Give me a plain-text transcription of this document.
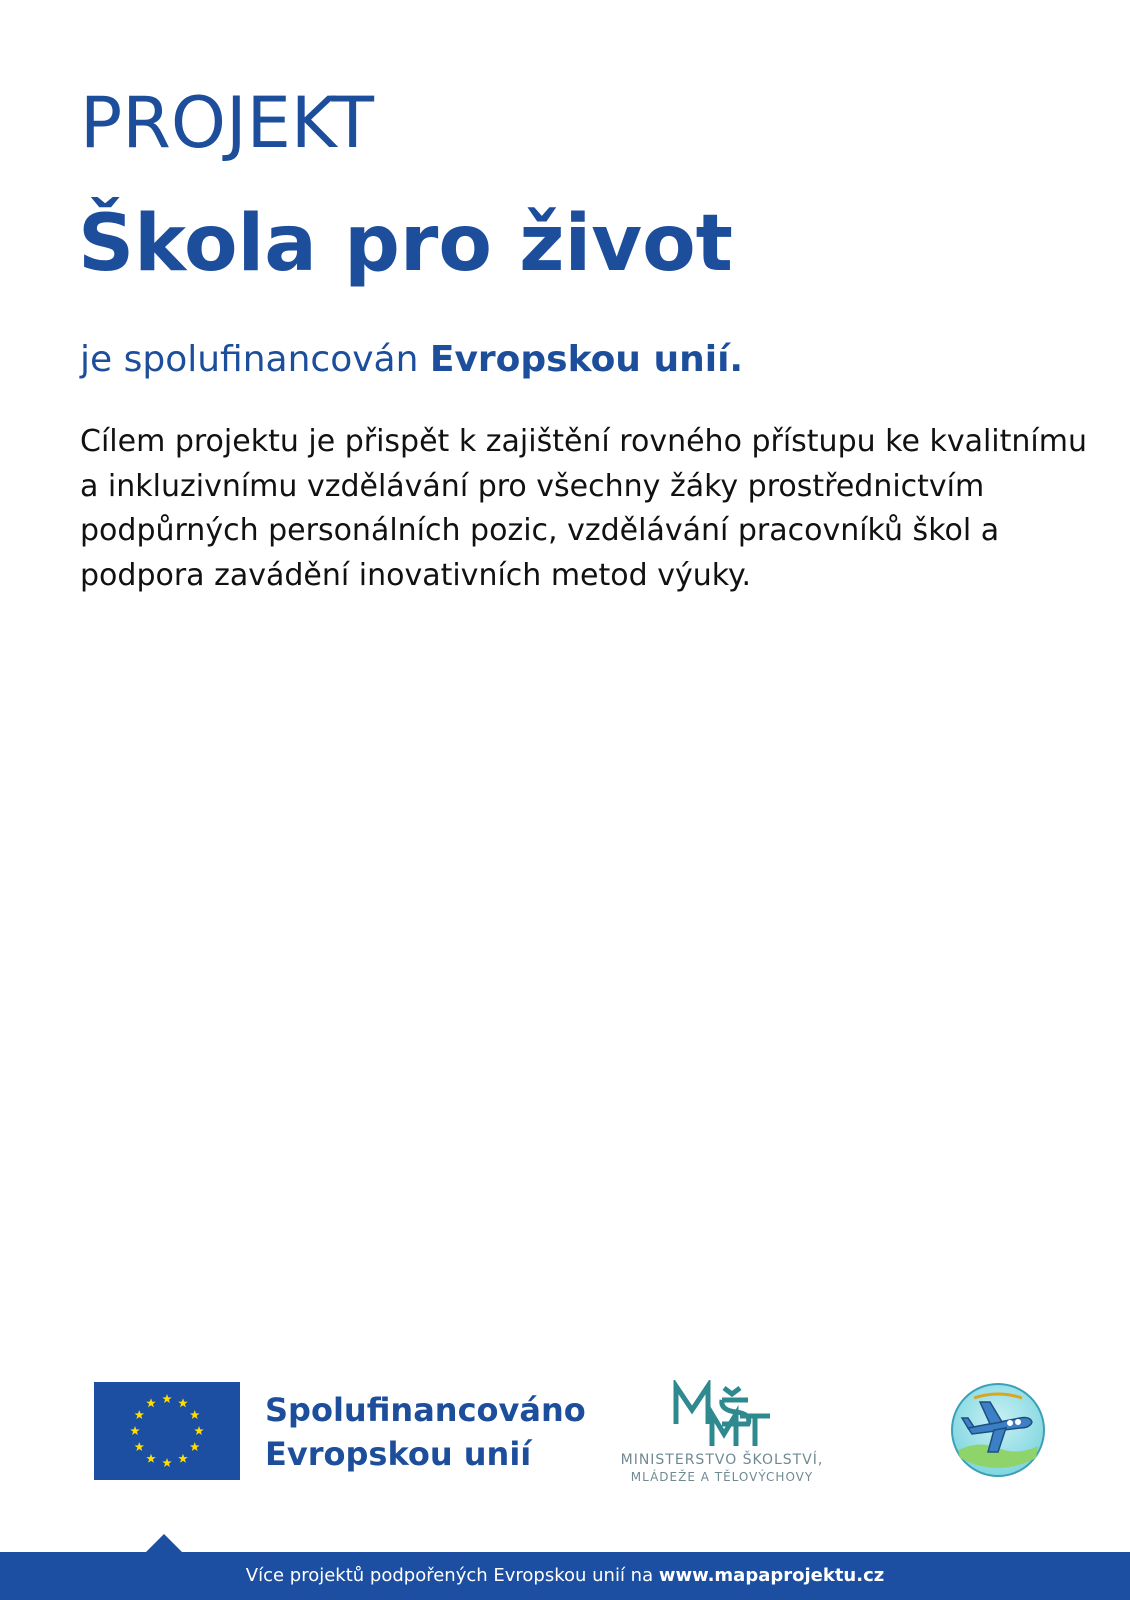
PROJEKT
Škola pro život

je spolufinancován Evropskou unií.

Cílem projektu je přispět k zajištění rovného přístupu ke kvalitnímu a inkluzivnímu vzdělávání pro všechny žáky prostřednictvím podpůrných personálních pozic, vzdělávání pracovníků škol a podpora zavádění inovativních metod výuky.

Spolufinancováno
Evropskou unií	MINISTERSTVO ŠKOLSTVÍ,
MLÁDEŽE A TĚLOVÝCHOVY
Více projektů podpořených Evropskou unií na www.mapaprojektu.cz
